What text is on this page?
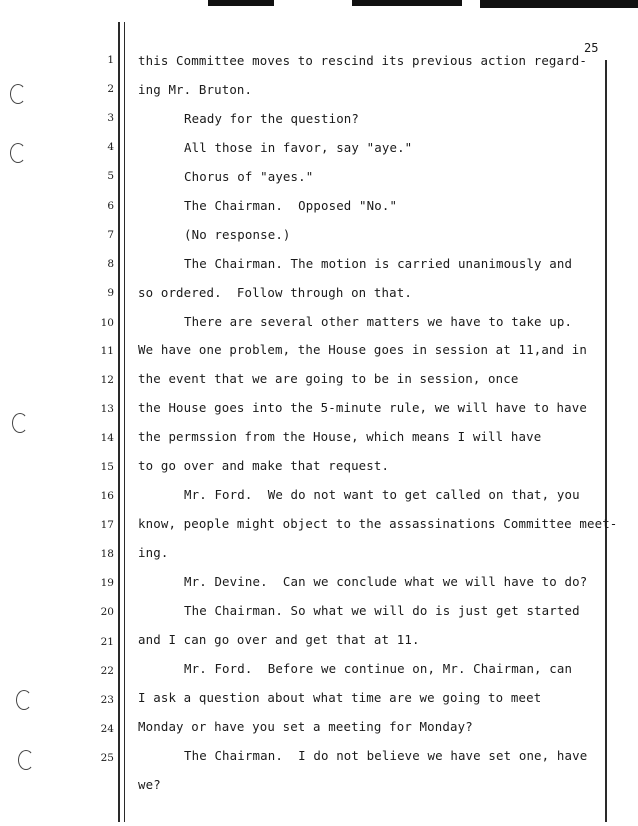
25
1
2
3
4
5
6
7
8
9
10
11
12
13
14
15
16
17
18
19
20
21
22
23
24
25
this Committee moves to rescind its previous action regard-
ing Mr. Bruton.
Ready for the question?
All those in favor, say "aye."
Chorus of "ayes."
The Chairman.  Opposed "No."
(No response.)
The Chairman. The motion is carried unanimously and
so ordered.  Follow through on that.
There are several other matters we have to take up.
We have one problem, the House goes in session at 11,and in
the event that we are going to be in session, once
the House goes into the 5-minute rule, we will have to have
the permssion from the House, which means I will have
to go over and make that request.
Mr. Ford.  We do not want to get called on that, you
know, people might object to the assassinations Committee meet-
ing.
Mr. Devine.  Can we conclude what we will have to do?
The Chairman. So what we will do is just get started
and I can go over and get that at 11.
Mr. Ford.  Before we continue on, Mr. Chairman, can
I ask a question about what time are we going to meet
Monday or have you set a meeting for Monday?
The Chairman.  I do not believe we have set one, have
we?
